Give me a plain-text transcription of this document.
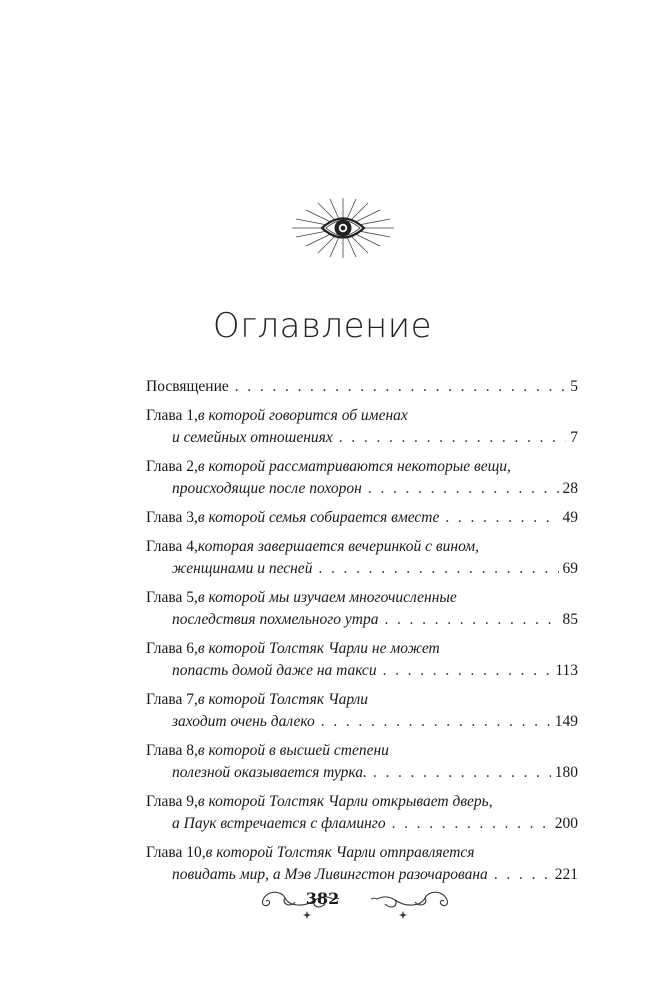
Оглавление
Посвящение . . .	5
Глава 1, в которой говорится об именах
и семейных отношениях . . .	7
Глава 2, в которой рассматриваются некоторые вещи,
происходящие после похорон . . .	28
Глава 3, в которой семья собирается вместе . . .	49
Глава 4, которая завершается вечеринкой с вином,
женщинами и песней . . .	69
Глава 5, в которой мы изучаем многочисленные
последствия похмельного утра . . .	85
Глава 6, в которой Толстяк Чарли не может
попасть домой даже на такси . . .	113
Глава 7, в которой Толстяк Чарли
заходит очень далеко . . .	149
Глава 8, в которой в высшей степени
полезной оказывается турка. . . .	180
Глава 9, в которой Толстяк Чарли открывает дверь,
а Паук встречается с фламинго . . .	200
Глава 10, в которой Толстяк Чарли отправляется
повидать мир, а Мэв Ливингстон разочарована . . .	221
382
